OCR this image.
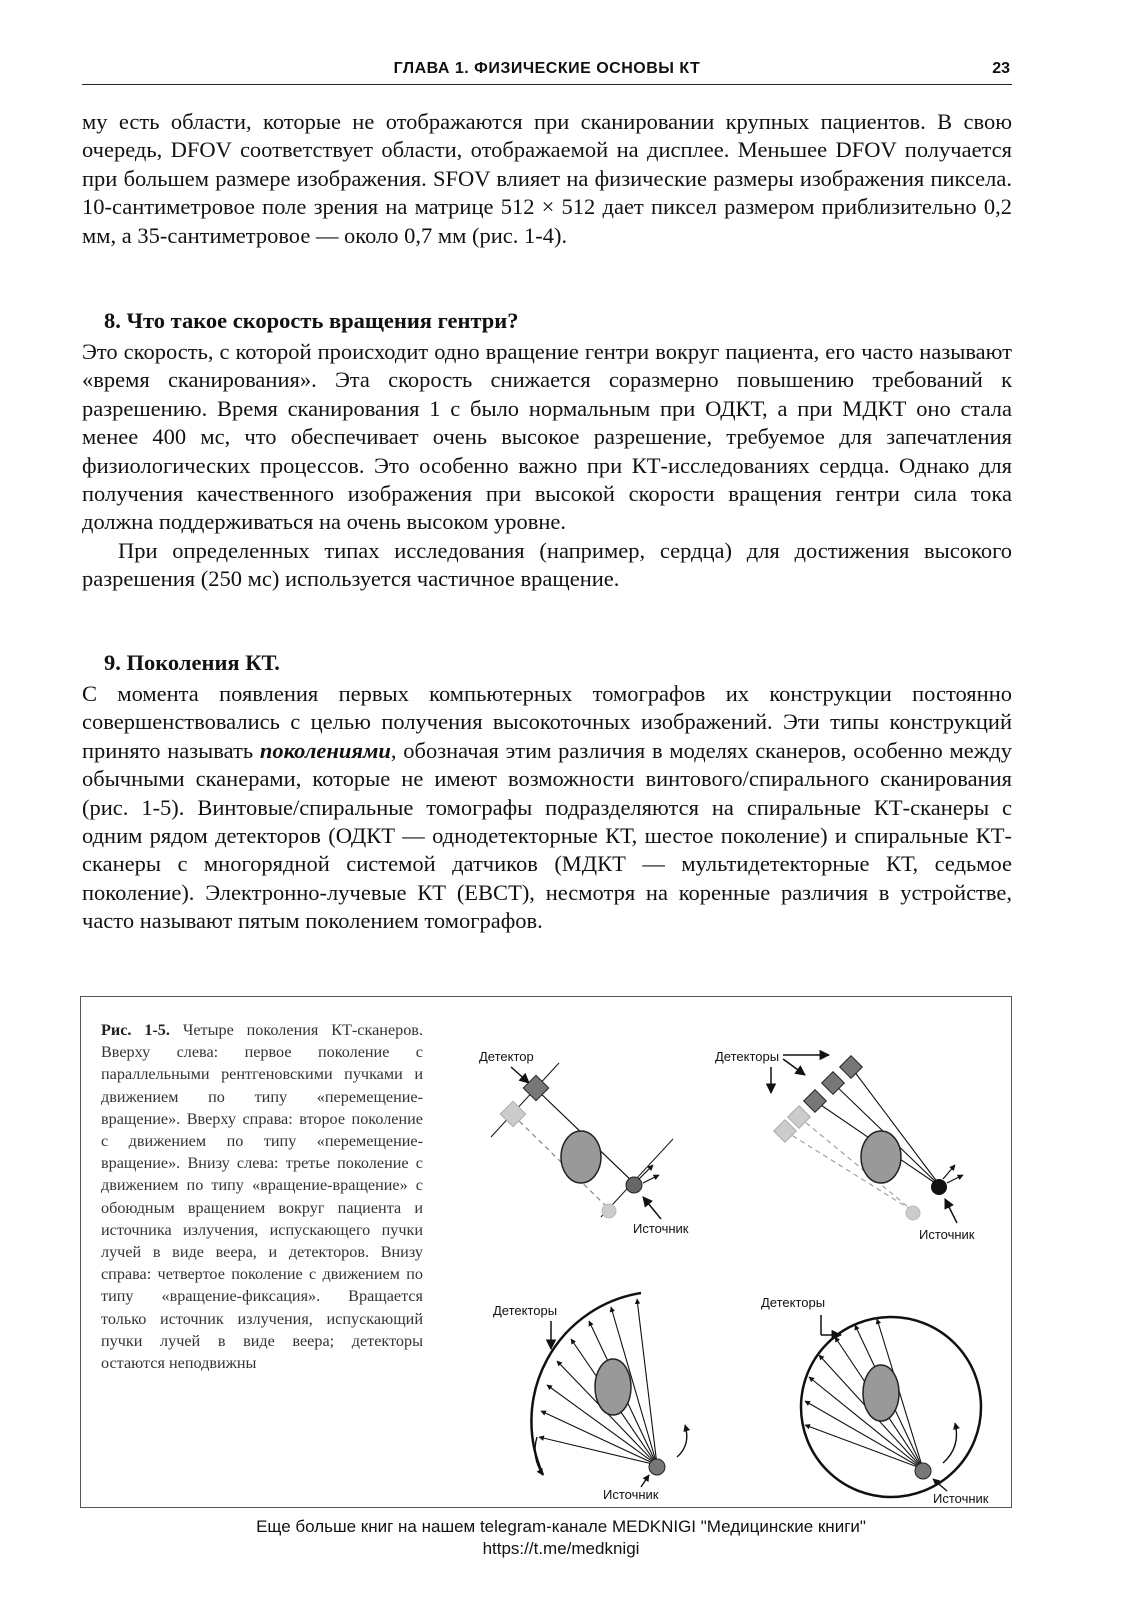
ГЛАВА 1. ФИЗИЧЕСКИЕ ОСНОВЫ КТ	23

му есть области, которые не отображаются при сканировании крупных пациентов. В свою очередь, DFOV соответствует области, отображаемой на дисплее. Меньшее DFOV получается при большем размере изображения. SFOV влияет на физические размеры изображения пиксела. 10-сантиметровое поле зрения на матрице 512 × 512 дает пиксел размером приблизительно 0,2 мм, а 35-сантиметровое — около 0,7 мм (рис. 1-4).

8. Что такое скорость вращения гентри?

Это скорость, с которой происходит одно вращение гентри вокруг пациента, его часто называют «время сканирования». Эта скорость снижается соразмерно повышению требований к разрешению. Время сканирования 1 с было нормальным при ОДКТ, а при МДКТ оно стала менее 400 мс, что обеспечивает очень высокое разрешение, требуемое для запечатления физиологических процессов. Это особенно важно при КТ-исследованиях сердца. Однако для получения качественного изображения при высокой скорости вращения гентри сила тока должна поддерживаться на очень высоком уровне.

При определенных типах исследования (например, сердца) для достижения высокого разрешения (250 мс) используется частичное вращение.

9. Поколения КТ.

С момента появления первых компьютерных томографов их конструкции постоянно совершенствовались с целью получения высокоточных изображений. Эти типы конструкций принято называть поколениями, обозначая этим различия в моделях сканеров, особенно между обычными сканерами, которые не имеют возможности винтового/спирального сканирования (рис. 1-5). Винтовые/спиральные томографы подразделяются на спиральные КТ-сканеры с одним рядом детекторов (ОДКТ — однодетекторные КТ, шестое поколение) и спиральные КТ-сканеры с многорядной системой датчиков (МДКТ — мультидетекторные КТ, седьмое поколение). Электронно-лучевые КТ (EBCT), несмотря на коренные различия в устройстве, часто называют пятым поколением томографов.

Рис. 1-5. Четыре поколения КТ-сканеров. Вверху слева: первое поколение с параллельными рентгеновскими пучками и движением по типу «перемещение-вращение». Вверху справа: второе поколение с движением по типу «перемещение-вращение». Внизу слева: третье поколение с движением по типу «вращение-вращение» с обоюдным вращением вокруг пациента и источника излучения, испускающего пучки лучей в виде веера, и детекторов. Внизу справа: четвертое поколение с движением по типу «вращение-фиксация». Вращается только источник излучения, испускающий пучки лучей в виде веера; детекторы остаются неподвижны
Детектор
Источник
Детекторы
Источник
Детекторы
Источник
Детекторы
Источник
Еще больше книг на нашем telegram-канале MEDKNIGI "Медицинские книги"
https://t.me/medknigi
